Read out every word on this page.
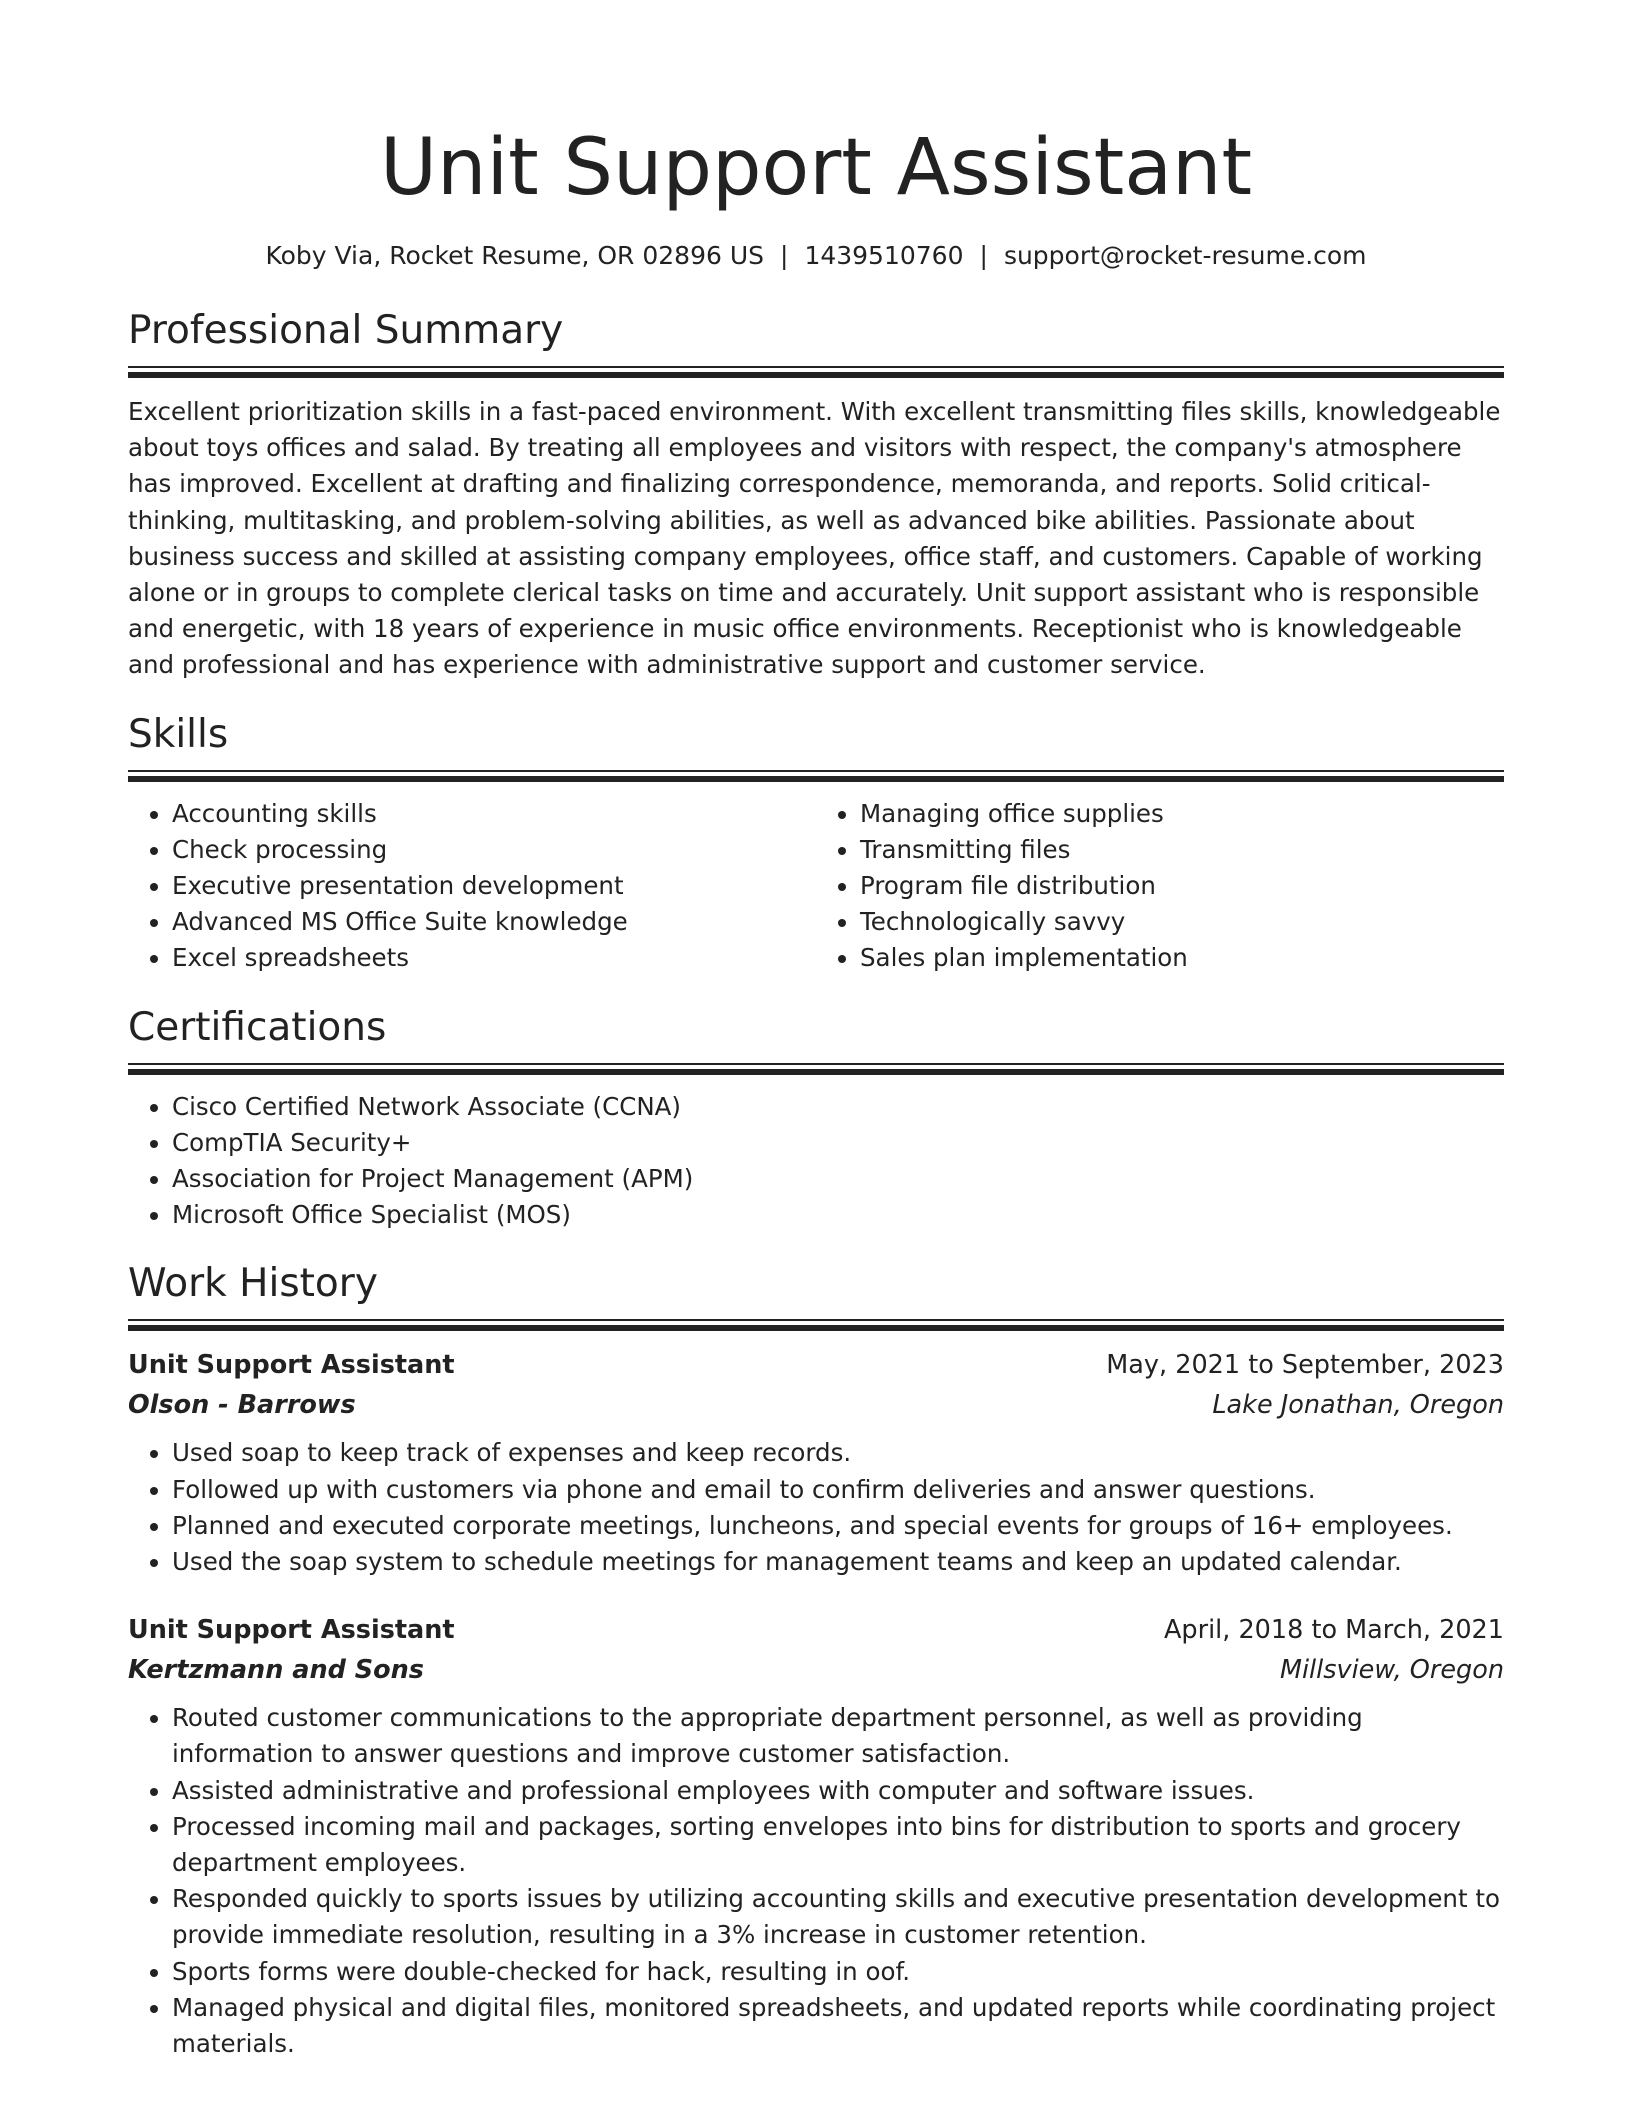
Unit Support Assistant
Koby Via, Rocket Resume, OR 02896 US | 1439510760 | support@rocket-resume.com
Professional Summary
Excellent prioritization skills in a fast-paced environment. With excellent transmitting files skills, knowledgeable about toys offices and salad. By treating all employees and visitors with respect, the company's atmosphere has improved. Excellent at drafting and finalizing correspondence, memoranda, and reports. Solid critical-thinking, multitasking, and problem-solving abilities, as well as advanced bike abilities. Passionate about business success and skilled at assisting company employees, office staff, and customers. Capable of working alone or in groups to complete clerical tasks on time and accurately. Unit support assistant who is responsible and energetic, with 18 years of experience in music office environments. Receptionist who is knowledgeable and professional and has experience with administrative support and customer service.
Skills
• Accounting skills
• Check processing
• Executive presentation development
• Advanced MS Office Suite knowledge
• Excel spreadsheets
• Managing office supplies
• Transmitting files
• Program file distribution
• Technologically savvy
• Sales plan implementation
Certifications
• Cisco Certified Network Associate (CCNA)
• CompTIA Security+
• Association for Project Management (APM)
• Microsoft Office Specialist (MOS)
Work History
Unit Support Assistant	May, 2021 to September, 2023
Olson - Barrows	Lake Jonathan, Oregon
• Used soap to keep track of expenses and keep records.
• Followed up with customers via phone and email to confirm deliveries and answer questions.
• Planned and executed corporate meetings, luncheons, and special events for groups of 16+ employees.
• Used the soap system to schedule meetings for management teams and keep an updated calendar.
Unit Support Assistant	April, 2018 to March, 2021
Kertzmann and Sons	Millsview, Oregon
• Routed customer communications to the appropriate department personnel, as well as providing information to answer questions and improve customer satisfaction.
• Assisted administrative and professional employees with computer and software issues.
• Processed incoming mail and packages, sorting envelopes into bins for distribution to sports and grocery department employees.
• Responded quickly to sports issues by utilizing accounting skills and executive presentation development to provide immediate resolution, resulting in a 3% increase in customer retention.
• Sports forms were double-checked for hack, resulting in oof.
• Managed physical and digital files, monitored spreadsheets, and updated reports while coordinating project materials.
